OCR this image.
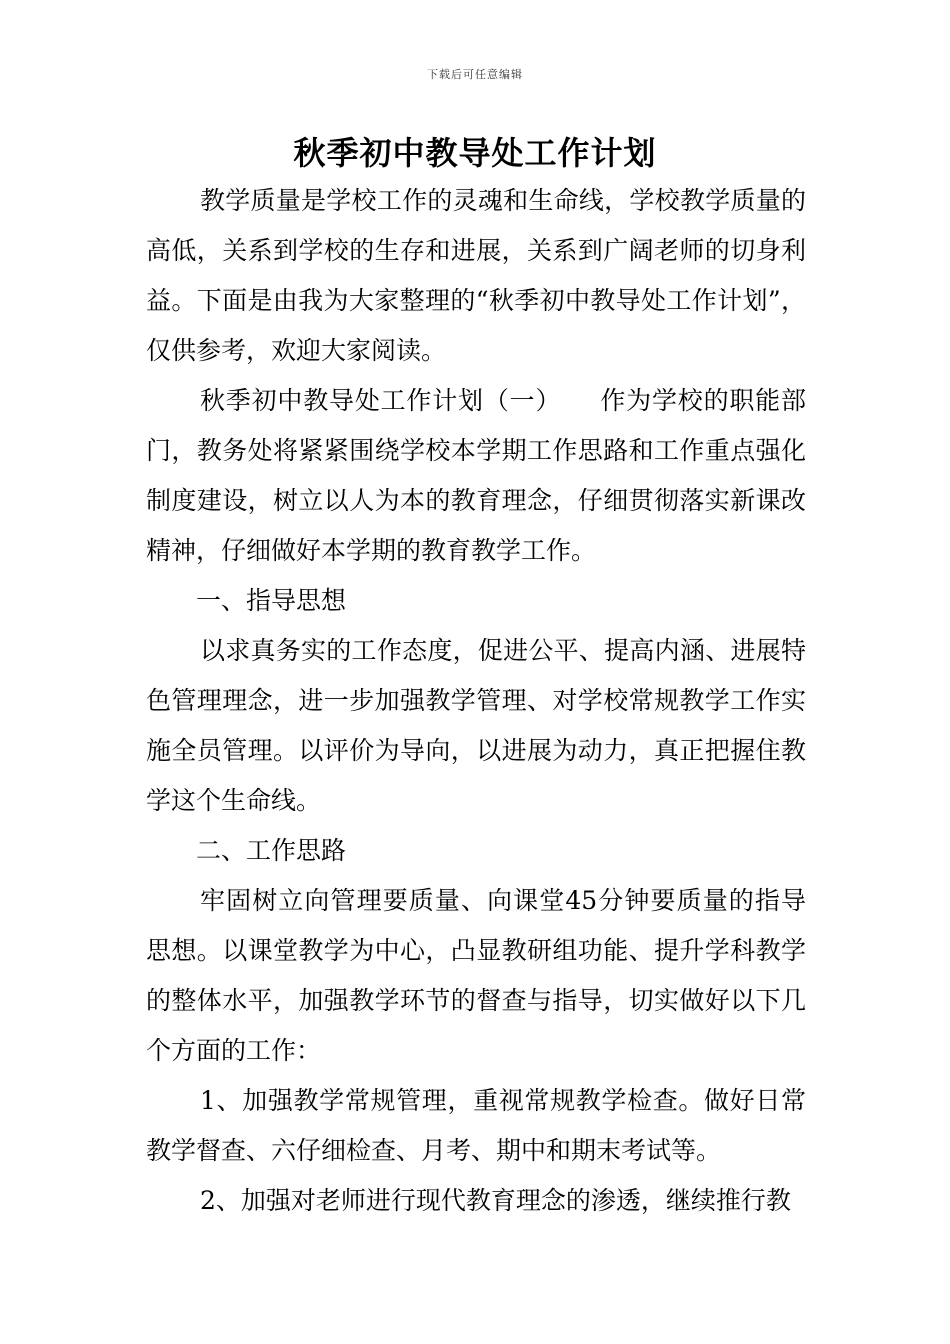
下载后可任意编辑
秋季初中教导处工作计划

教学质量是学校工作的灵魂和生命线，学校教学质量的高低，关系到学校的生存和进展，关系到广阔老师的切身利益。下面是由我为大家整理的“秋季初中教导处工作计划”，仅供参考，欢迎大家阅读。

秋季初中教导处工作计划（一）　　作为学校的职能部门，教务处将紧紧围绕学校本学期工作思路和工作重点强化制度建设，树立以人为本的教育理念，仔细贯彻落实新课改精神，仔细做好本学期的教育教学工作。

一、指导思想

以求真务实的工作态度，促进公平、提高内涵、进展特色管理理念，进一步加强教学管理、对学校常规教学工作实施全员管理。以评价为导向，以进展为动力，真正把握住教学这个生命线。

二、工作思路

牢固树立向管理要质量、向课堂45分钟要质量的指导思想。以课堂教学为中心，凸显教研组功能、提升学科教学的整体水平，加强教学环节的督查与指导，切实做好以下几个方面的工作：

1、加强教学常规管理，重视常规教学检查。做好日常教学督查、六仔细检查、月考、期中和期末考试等。

2、加强对老师进行现代教育理念的渗透，继续推行教
